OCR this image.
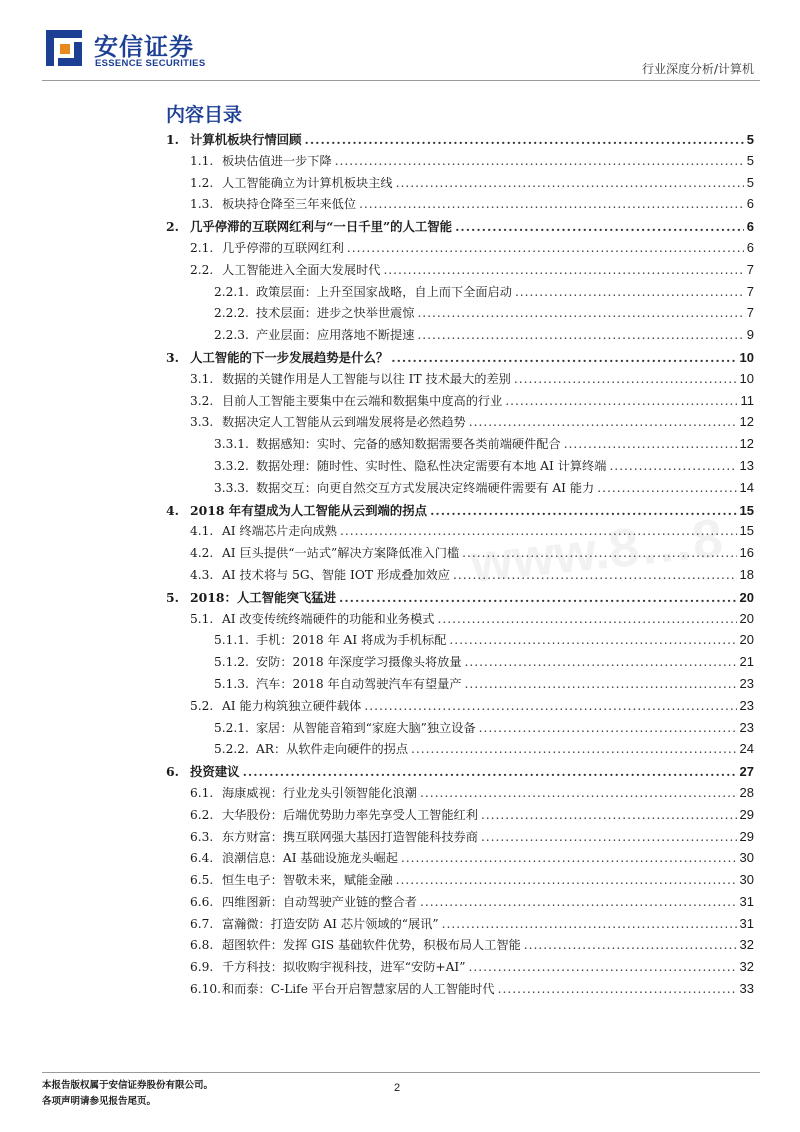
安信证券
ESSENCE SECURITIES	行业深度分析/计算机
www.8…8
内容目录
1. 计算机板块行情回顾 .....	5
1.1. 板块估值进一步下降 .....	5
1.2. 人工智能确立为计算机板块主线 .....	5
1.3. 板块持仓降至三年来低位 .....	6
2. 几乎停滞的互联网红利与“一日千里”的人工智能 .....	6
2.1. 几乎停滞的互联网红利 .....	6
2.2. 人工智能进入全面大发展时代 .....	7
2.2.1. 政策层面：上升至国家战略，自上而下全面启动 .....	7
2.2.2. 技术层面：进步之快举世震惊 .....	7
2.2.3. 产业层面：应用落地不断提速 .....	9
3. 人工智能的下一步发展趋势是什么？ .....	10
3.1. 数据的关键作用是人工智能与以往 IT 技术最大的差别 .....	10
3.2. 目前人工智能主要集中在云端和数据集中度高的行业 .....	11
3.3. 数据决定人工智能从云到端发展将是必然趋势 .....	12
3.3.1. 数据感知：实时、完备的感知数据需要各类前端硬件配合 .....	12
3.3.2. 数据处理：随时性、实时性、隐私性决定需要有本地 AI 计算终端 .....	13
3.3.3. 数据交互：向更自然交互方式发展决定终端硬件需要有 AI 能力 .....	14
4. 2018 年有望成为人工智能从云到端的拐点 .....	15
4.1. AI 终端芯片走向成熟 .....	15
4.2. AI 巨头提供“一站式”解决方案降低准入门槛 .....	16
4.3. AI 技术将与 5G、智能 IOT 形成叠加效应 .....	18
5. 2018：人工智能突飞猛进 .....	20
5.1. AI 改变传统终端硬件的功能和业务模式 .....	20
5.1.1. 手机：2018 年 AI 将成为手机标配 .....	20
5.1.2. 安防：2018 年深度学习摄像头将放量 .....	21
5.1.3. 汽车：2018 年自动驾驶汽车有望量产 .....	23
5.2. AI 能力构筑独立硬件载体 .....	23
5.2.1. 家居：从智能音箱到“家庭大脑”独立设备 .....	23
5.2.2. AR：从软件走向硬件的拐点 .....	24
6. 投资建议 .....	27
6.1. 海康威视：行业龙头引领智能化浪潮 .....	28
6.2. 大华股份：后端优势助力率先享受人工智能红利 .....	29
6.3. 东方财富：携互联网强大基因打造智能科技券商 .....	29
6.4. 浪潮信息：AI 基础设施龙头崛起 .....	30
6.5. 恒生电子：智敬未来，赋能金融 .....	30
6.6. 四维图新：自动驾驶产业链的整合者 .....	31
6.7. 富瀚微：打造安防 AI 芯片领域的“展讯” .....	31
6.8. 超图软件：发挥 GIS 基础软件优势，积极布局人工智能 .....	32
6.9. 千方科技：拟收购宇视科技，进军“安防+AI” .....	32
6.10. 和而泰：C-Life 平台开启智慧家居的人工智能时代 .....	33
本报告版权属于安信证券股份有限公司。
各项声明请参见报告尾页。
2
